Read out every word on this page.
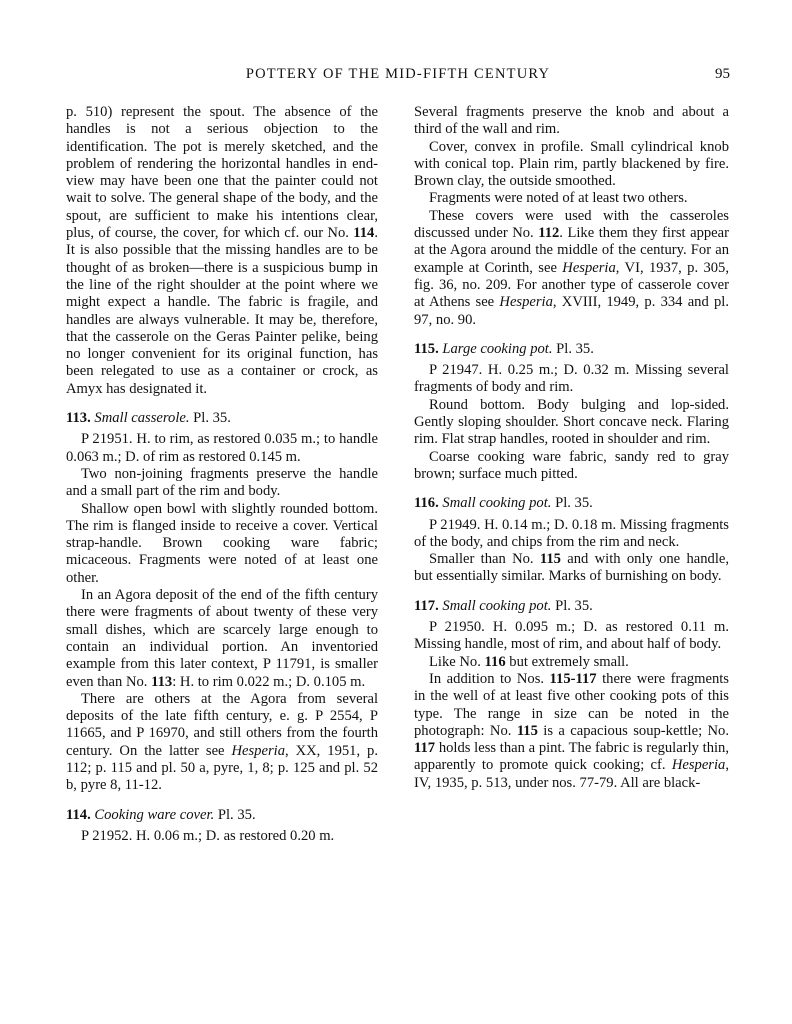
POTTERY OF THE MID-FIFTH CENTURY	95

p. 510) represent the spout. The absence of the handles is not a serious objection to the identification. The pot is merely sketched, and the problem of rendering the horizontal handles in end-view may have been one that the painter could not wait to solve. The general shape of the body, and the spout, are sufficient to make his intentions clear, plus, of course, the cover, for which cf. our No. 114. It is also possible that the missing handles are to be thought of as broken—there is a suspicious bump in the line of the right shoulder at the point where we might expect a handle. The fabric is fragile, and handles are always vulnerable. It may be, therefore, that the casserole on the Geras Painter pelike, being no longer convenient for its original function, has been relegated to use as a container or crock, as Amyx has designated it.

113. Small casserole. Pl. 35.

P 21951. H. to rim, as restored 0.035 m.; to handle 0.063 m.; D. of rim as restored 0.145 m.

Two non-joining fragments preserve the handle and a small part of the rim and body.

Shallow open bowl with slightly rounded bottom. The rim is flanged inside to receive a cover. Vertical strap-handle. Brown cooking ware fabric; micaceous. Fragments were noted of at least one other.

In an Agora deposit of the end of the fifth century there were fragments of about twenty of these very small dishes, which are scarcely large enough to contain an individual portion. An inventoried example from this later context, P 11791, is smaller even than No. 113: H. to rim 0.022 m.; D. 0.105 m.

There are others at the Agora from several deposits of the late fifth century, e. g. P 2554, P 11665, and P 16970, and still others from the fourth century. On the latter see Hesperia, XX, 1951, p. 112; p. 115 and pl. 50 a, pyre, 1, 8; p. 125 and pl. 52 b, pyre 8, 11-12.

114. Cooking ware cover. Pl. 35.

P 21952. H. 0.06 m.; D. as restored 0.20 m.

Several fragments preserve the knob and about a third of the wall and rim.

Cover, convex in profile. Small cylindrical knob with conical top. Plain rim, partly blackened by fire. Brown clay, the outside smoothed.

Fragments were noted of at least two others.

These covers were used with the casseroles discussed under No. 112. Like them they first appear at the Agora around the middle of the century. For an example at Corinth, see Hesperia, VI, 1937, p. 305, fig. 36, no. 209. For another type of casserole cover at Athens see Hesperia, XVIII, 1949, p. 334 and pl. 97, no. 90.

115. Large cooking pot. Pl. 35.

P 21947. H. 0.25 m.; D. 0.32 m. Missing several fragments of body and rim.

Round bottom. Body bulging and lop-sided. Gently sloping shoulder. Short concave neck. Flaring rim. Flat strap handles, rooted in shoulder and rim.

Coarse cooking ware fabric, sandy red to gray brown; surface much pitted.

116. Small cooking pot. Pl. 35.

P 21949. H. 0.14 m.; D. 0.18 m. Missing fragments of the body, and chips from the rim and neck.

Smaller than No. 115 and with only one handle, but essentially similar. Marks of burnishing on body.

117. Small cooking pot. Pl. 35.

P 21950. H. 0.095 m.; D. as restored 0.11 m. Missing handle, most of rim, and about half of body.

Like No. 116 but extremely small.

In addition to Nos. 115-117 there were fragments in the well of at least five other cooking pots of this type. The range in size can be noted in the photograph: No. 115 is a capacious soup-kettle; No. 117 holds less than a pint. The fabric is regularly thin, apparently to promote quick cooking; cf. Hesperia, IV, 1935, p. 513, under nos. 77-79. All are black-
